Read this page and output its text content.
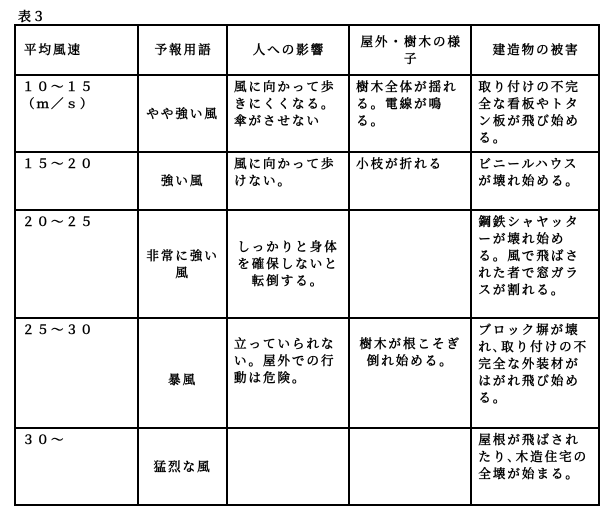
表３
平均風速	予報用語	人への影響	屋外・樹木の様子	建造物の被害
１０～１５
（ｍ／ｓ）	やや強い風	風に向かって歩きにくくなる。傘がさせない	樹木全体が揺れる。電線が鳴る。	取り付けの不完全な看板やトタン板が飛び始める。
１５～２０	強い風	風に向かって歩けない。	小枝が折れる	ビニールハウスが壊れ始める。
２０～２５	非常に強い風	しっかりと身体を確保しないと転倒する。		鋼鉄シャヤッターが壊れ始める。風で飛ばされた者で窓ガラスが割れる。
２５～３０	暴風	立っていられない。屋外での行動は危険。	樹木が根こそぎ倒れ始める。	ブロック塀が壊れ､取り付けの不完全な外装材がはがれ飛び始める。
３０～	猛烈な風			屋根が飛ばされたり､木造住宅の全壊が始まる。
